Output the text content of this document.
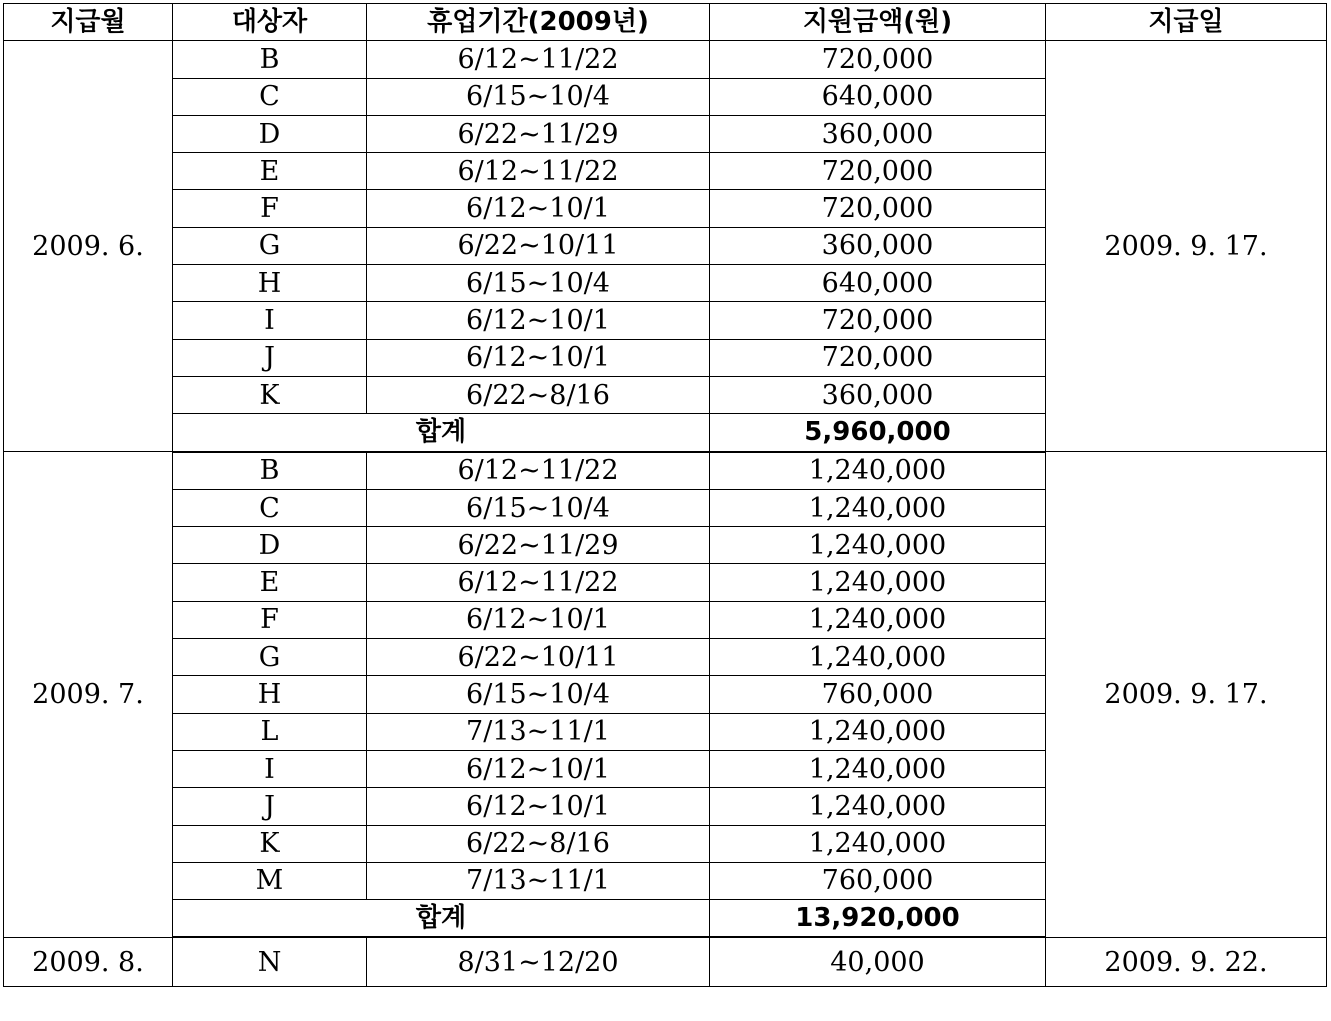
지급월	대상자	휴업기간(2009년)	지원금액(원)	지급일
2009. 6.	B	6/12~11/22	720,000	2009. 9. 17.
	C	6/15~10/4	640,000	
	D	6/22~11/29	360,000	
	E	6/12~11/22	720,000	
	F	6/12~10/1	720,000	
	G	6/22~10/11	360,000	
	H	6/15~10/4	640,000	
	I	6/12~10/1	720,000	
	J	6/12~10/1	720,000	
	K	6/22~8/16	360,000	
	합계		5,960,000	
2009. 7.	B	6/12~11/22	1,240,000	2009. 9. 17.
	C	6/15~10/4	1,240,000	
	D	6/22~11/29	1,240,000	
	E	6/12~11/22	1,240,000	
	F	6/12~10/1	1,240,000	
	G	6/22~10/11	1,240,000	
	H	6/15~10/4	760,000	
	L	7/13~11/1	1,240,000	
	I	6/12~10/1	1,240,000	
	J	6/12~10/1	1,240,000	
	K	6/22~8/16	1,240,000	
	M	7/13~11/1	760,000	
	합계		13,920,000	
2009. 8.	N	8/31~12/20	40,000	2009. 9. 22.
